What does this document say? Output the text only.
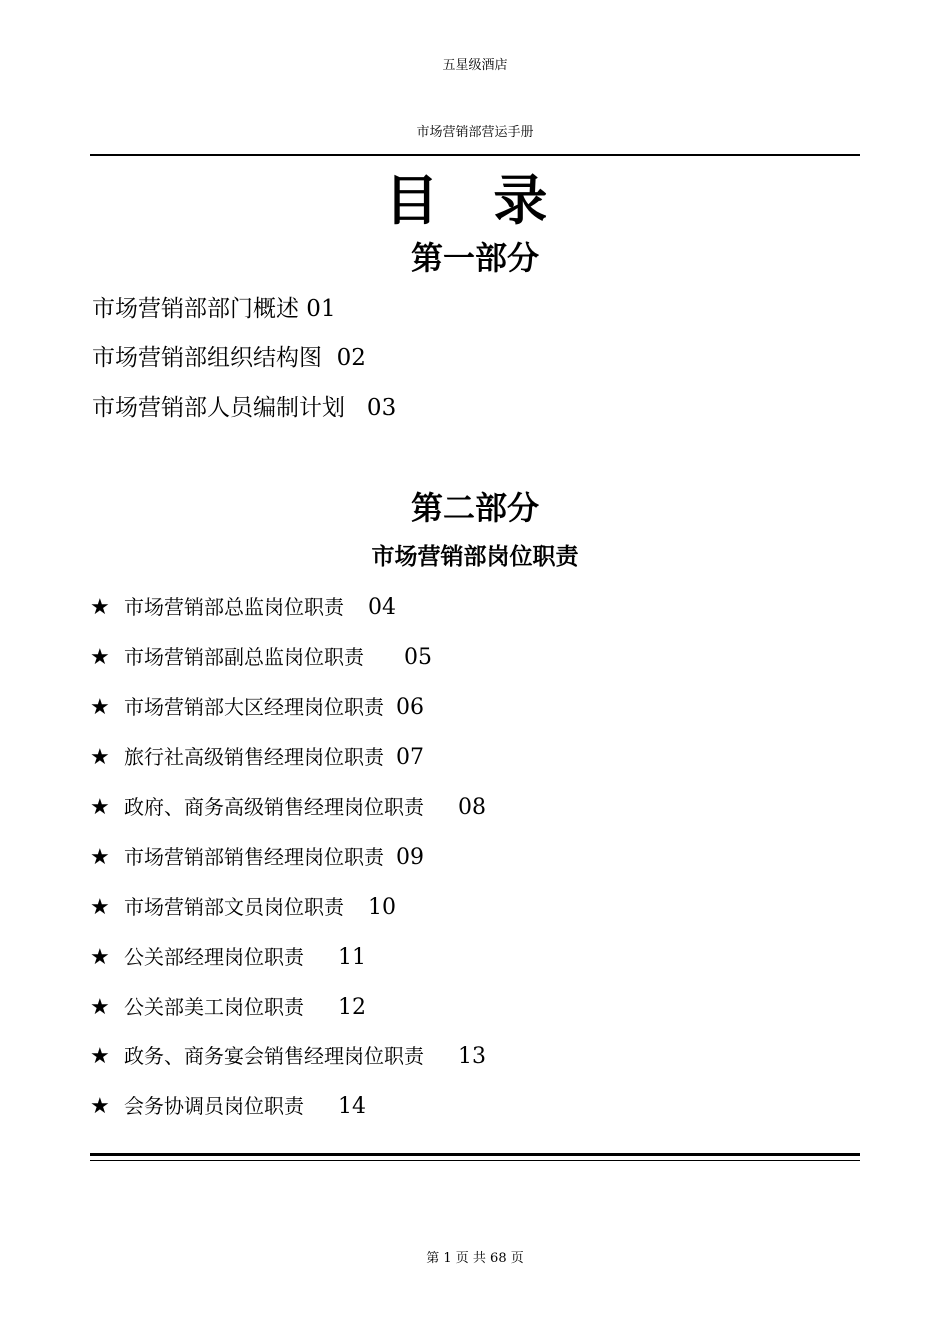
五星级酒店
市场营销部营运手册
目 录
第一部分
市场营销部部门概述 01
市场营销部组织结构图  02
市场营销部人员编制计划   03
第二部分
市场营销部岗位职责
★ 市场营销部总监岗位职责 04
★ 市场营销部副总监岗位职责 05
★ 市场营销部大区经理岗位职责 06
★ 旅行社高级销售经理岗位职责 07
★ 政府、商务高级销售经理岗位职责 08
★ 市场营销部销售经理岗位职责 09
★ 市场营销部文员岗位职责 10
★ 公关部经理岗位职责 11
★ 公关部美工岗位职责 12
★ 政务、商务宴会销售经理岗位职责 13
★ 会务协调员岗位职责 14
第 1 页 共 68 页
